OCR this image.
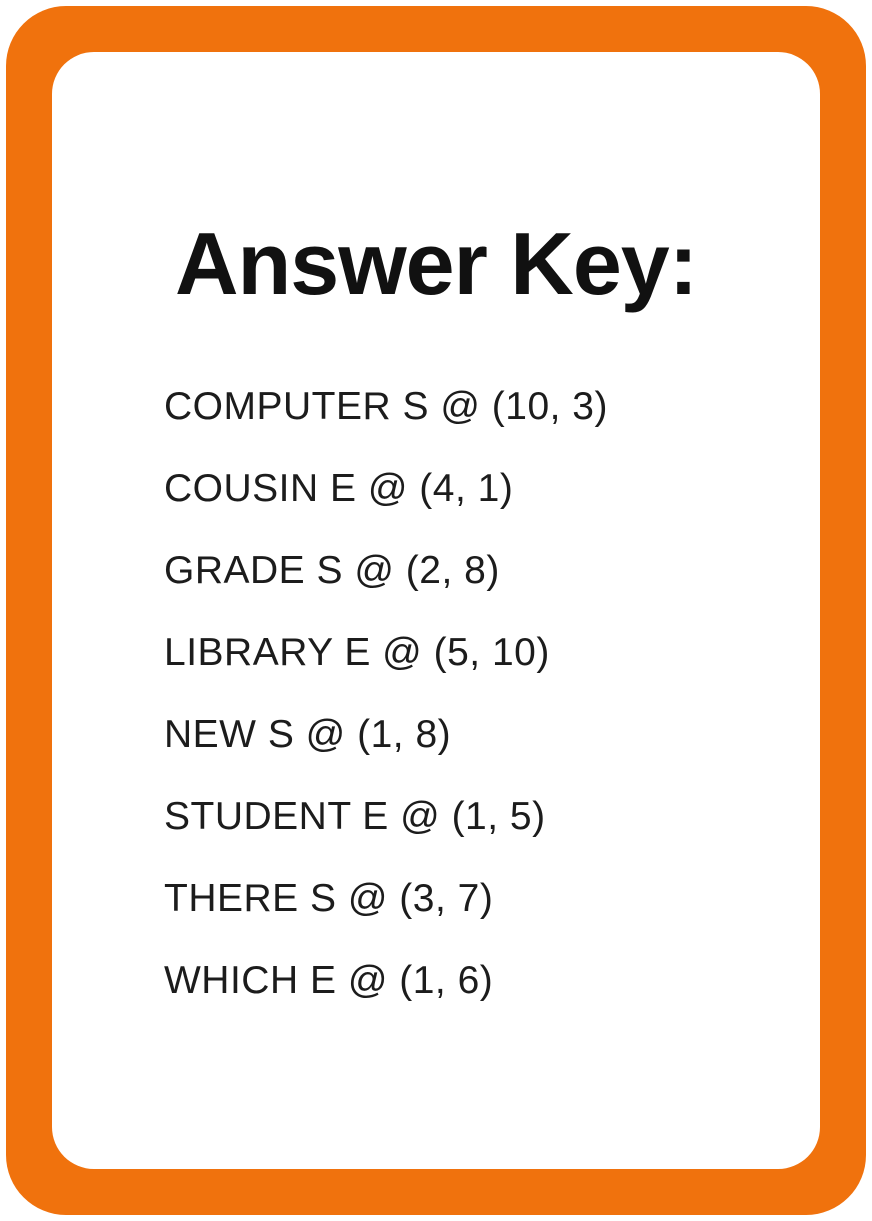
Answer Key:
COMPUTER S @ (10, 3)
COUSIN E @ (4, 1)
GRADE S @ (2, 8)
LIBRARY E @ (5, 10)
NEW S @ (1, 8)
STUDENT E @ (1, 5)
THERE S @ (3, 7)
WHICH E @ (1, 6)
